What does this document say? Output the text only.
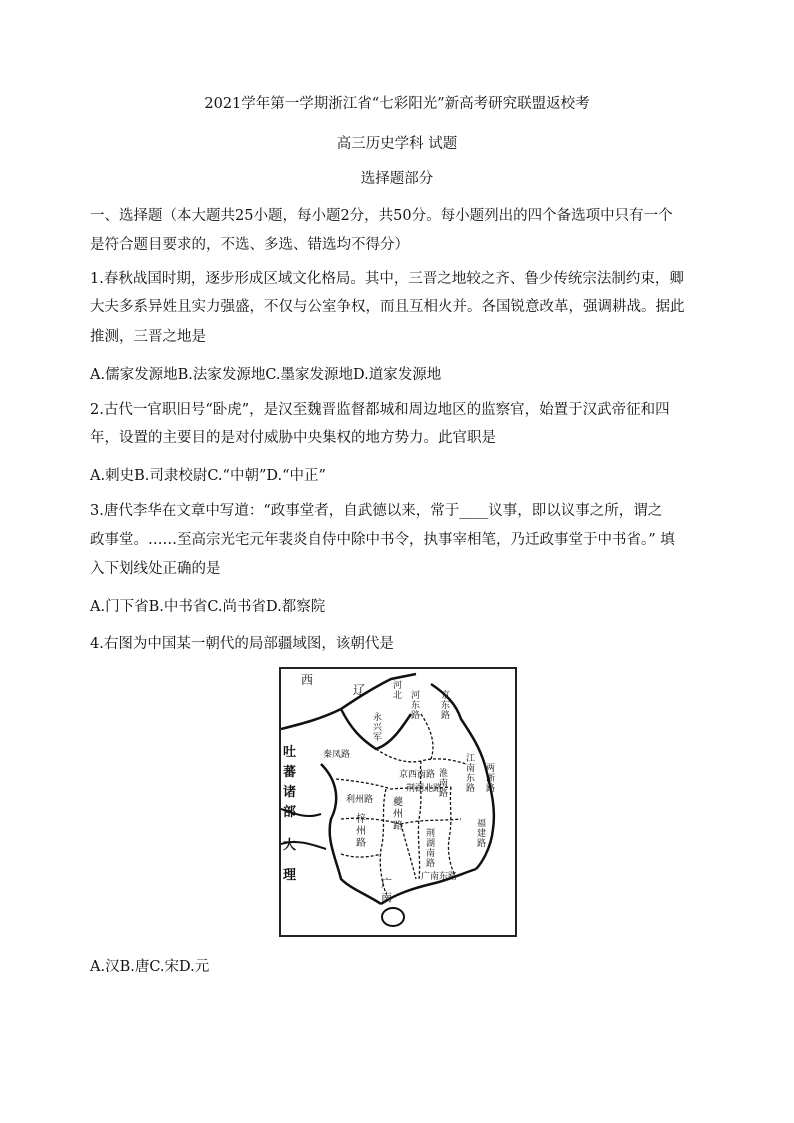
2021学年第一学期浙江省“七彩阳光”新高考研究联盟返校考
高三历史学科 试题
选择题部分
一、选择题（本大题共25小题，每小题2分，共50分。每小题列出的四个备选项中只有一个
是符合题目要求的，不选、多选、错选均不得分）
1.春秋战国时期，逐步形成区域文化格局。其中，三晋之地较之齐、鲁少传统宗法制约束，卿
大夫多系异姓且实力强盛，不仅与公室争权，而且互相火并。各国锐意改革，强调耕战。据此
推测，三晋之地是
A.儒家发源地B.法家发源地C.墨家发源地D.道家发源地
2.古代一官职旧号“卧虎”，是汉至魏晋监督都城和周边地区的监察官，始置于汉武帝征和四
年，设置的主要目的是对付威胁中央集权的地方势力。此官职是
A.刺史B.司隶校尉C.“中朝”D.“中正”
3.唐代李华在文章中写道：“政事堂者，自武德以来，常于____议事，即以议事之所，谓之
政事堂。……至高宗光宅元年裴炎自侍中除中书令，执事宰相笔，乃迁政事堂于中书省。” 填
入下划线处正确的是
A.门下省B.中书省C.尚书省D.都察院
4.右图为中国某一朝代的局部疆域图，该朝代是
西
辽
吐
蕃
诸
部
大
理
河北 河东路
京东路
永兴军
秦凤路
京西南路 淮南路
利州路
梓州路
夔州路
荆湖北路
荆湖南路
江南东路
两浙路
福建路
广南东路
广南
A.汉B.唐C.宋D.元
